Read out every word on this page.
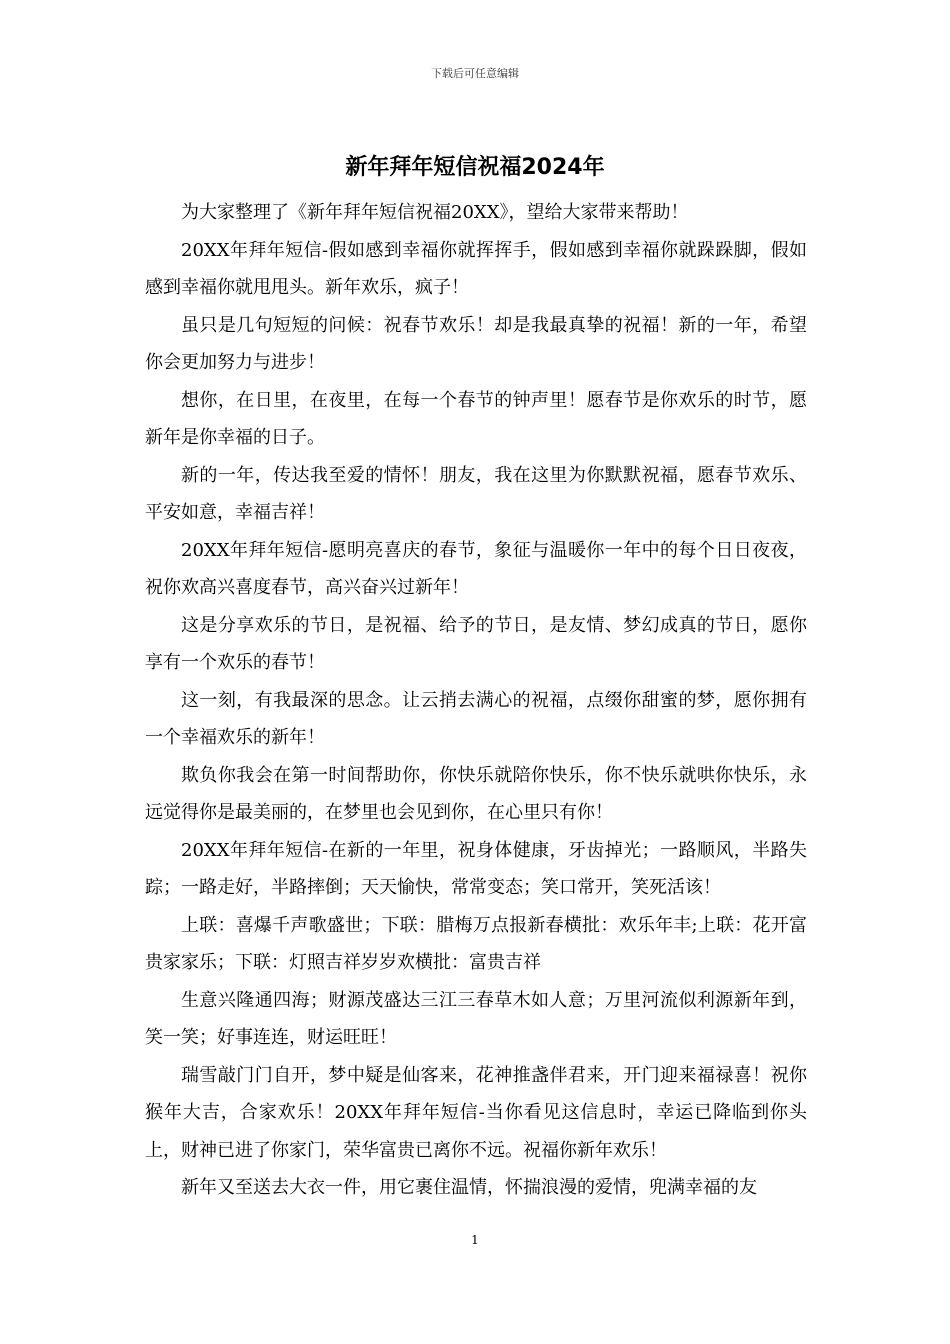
下载后可任意编辑
新年拜年短信祝福2024年

为大家整理了《新年拜年短信祝福20XX》，望给大家带来帮助！

20XX年拜年短信-假如感到幸福你就挥挥手，假如感到幸福你就跺跺脚，假如感到幸福你就甩甩头。新年欢乐，疯子！

虽只是几句短短的问候：祝春节欢乐！却是我最真挚的祝福！新的一年，希望你会更加努力与进步！

想你，在日里，在夜里，在每一个春节的钟声里！愿春节是你欢乐的时节，愿新年是你幸福的日子。

新的一年，传达我至爱的情怀！朋友，我在这里为你默默祝福，愿春节欢乐、平安如意，幸福吉祥！

20XX年拜年短信-愿明亮喜庆的春节，象征与温暖你一年中的每个日日夜夜，祝你欢高兴喜度春节，高兴奋兴过新年！

这是分享欢乐的节日，是祝福、给予的节日，是友情、梦幻成真的节日，愿你享有一个欢乐的春节！

这一刻，有我最深的思念。让云捎去满心的祝福，点缀你甜蜜的梦，愿你拥有一个幸福欢乐的新年！

欺负你我会在第一时间帮助你，你快乐就陪你快乐，你不快乐就哄你快乐，永远觉得你是最美丽的，在梦里也会见到你，在心里只有你！

20XX年拜年短信-在新的一年里，祝身体健康，牙齿掉光；一路顺风，半路失踪；一路走好，半路摔倒；天天愉快，常常变态；笑口常开，笑死活该！

上联：喜爆千声歌盛世；下联：腊梅万点报新春横批：欢乐年丰;上联：花开富贵家家乐；下联：灯照吉祥岁岁欢横批：富贵吉祥

生意兴隆通四海；财源茂盛达三江三春草木如人意；万里河流似利源新年到，笑一笑；好事连连，财运旺旺！

瑞雪敲门门自开，梦中疑是仙客来，花神推盏伴君来，开门迎来福禄喜！祝你猴年大吉，合家欢乐！20XX年拜年短信-当你看见这信息时，幸运已降临到你头上，财神已进了你家门，荣华富贵已离你不远。祝福你新年欢乐！

新年又至送去大衣一件，用它裹住温情，怀揣浪漫的爱情，兜满幸福的友

1
